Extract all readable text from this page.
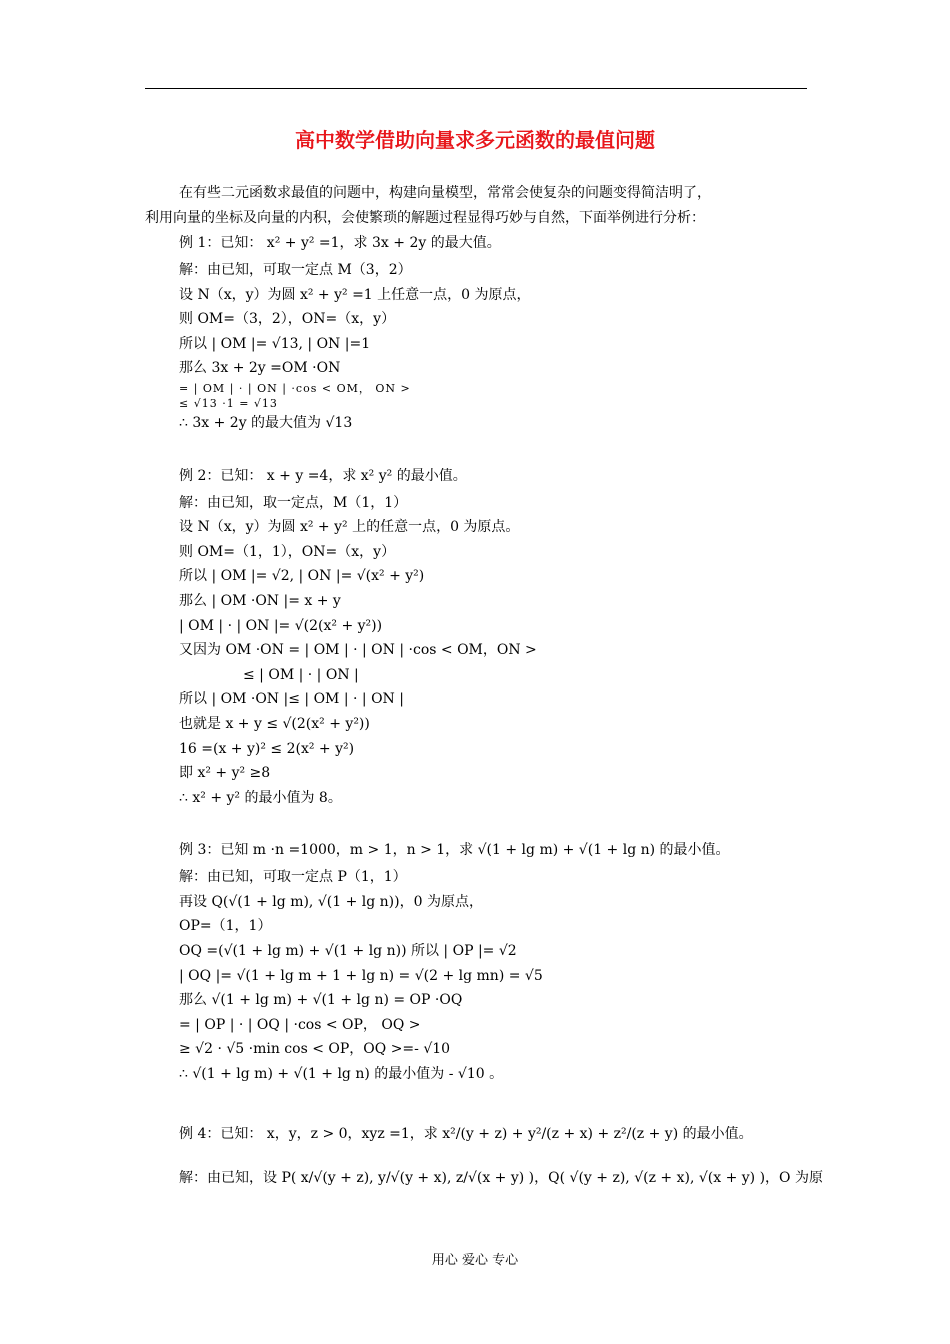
高中数学借助向量求多元函数的最值问题

在有些二元函数求最值的问题中，构建向量模型，常常会使复杂的问题变得简洁明了，

利用向量的坐标及向量的内积，会使繁琐的解题过程显得巧妙与自然，下面举例进行分析：

例 1：已知： x² + y² =1，求 3x + 2y 的最大值。
解：由已知，可取一定点 M（3，2）
设 N（x，y）为圆 x² + y² =1 上任意一点，0 为原点，
则 OM=（3，2），ON=（x，y）
所以 | OM |= √13, | ON |=1
那么 3x + 2y =OM ·ON
= | OM | · | ON | ·cos < OM， ON >
≤ √13 ·1 = √13
∴ 3x + 2y 的最大值为 √13
例 2：已知： x + y =4，求 x² y² 的最小值。
解：由已知，取一定点，M（1，1）
设 N（x，y）为圆 x² + y² 上的任意一点，0 为原点。
则 OM=（1，1），ON=（x，y）
所以 | OM |= √2, | ON |= √(x² + y²)
那么 | OM ·ON |= x + y
| OM | · | ON |= √(2(x² + y²))
又因为 OM ·ON = | OM | · | ON | ·cos < OM，ON >
≤ | OM | · | ON |
所以 | OM ·ON |≤ | OM | · | ON |
也就是 x + y ≤ √(2(x² + y²))
16 =(x + y)² ≤ 2(x² + y²)
即 x² + y² ≥8
∴ x² + y² 的最小值为 8。
例 3：已知 m ·n =1000，m > 1，n > 1，求 √(1 + lg m) + √(1 + lg n) 的最小值。
解：由已知，可取一定点 P（1，1）
再设 Q(√(1 + lg m), √(1 + lg n))，0 为原点，
OP=（1，1）
OQ =(√(1 + lg m) + √(1 + lg n)) 所以 | OP |= √2
| OQ |= √(1 + lg m + 1 + lg n) = √(2 + lg mn) = √5
那么 √(1 + lg m) + √(1 + lg n) = OP ·OQ
= | OP | · | OQ | ·cos < OP， OQ >
≥ √2 · √5 ·min cos < OP，OQ >=- √10
∴ √(1 + lg m) + √(1 + lg n) 的最小值为 - √10 。
例 4：已知： x，y，z > 0，xyz =1，求 x²/(y + z) + y²/(z + x) + z²/(z + y) 的最小值。
解：由已知，设 P( x/√(y + z), y/√(y + x), z/√(x + y) )，Q( √(y + z), √(z + x), √(x + y) )，O 为原
用心 爱心 专心
